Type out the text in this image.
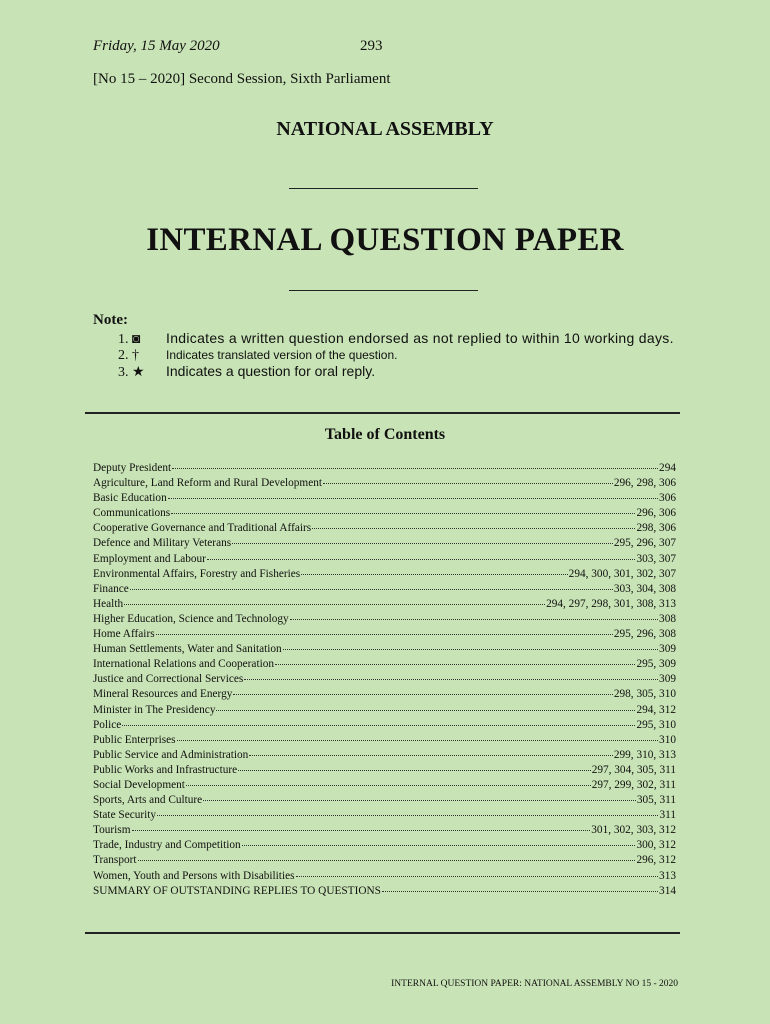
Friday, 15 May 2020	293
[No 15 – 2020] Second Session, Sixth Parliament
NATIONAL ASSEMBLY
INTERNAL QUESTION PAPER
Note:
1. ◙ Indicates a written question endorsed as not replied to within 10 working days.
2. † Indicates translated version of the question.
3. ★ Indicates a question for oral reply.
Table of Contents
Deputy President	294
Agriculture, Land Reform and Rural Development	296, 298, 306
Basic Education	306
Communications	296, 306
Cooperative Governance and Traditional Affairs	298, 306
Defence and Military Veterans	295, 296, 307
Employment and Labour	303, 307
Environmental Affairs, Forestry and Fisheries	294, 300, 301, 302, 307
Finance	303, 304, 308
Health	294, 297, 298, 301, 308, 313
Higher Education, Science and Technology	308
Home Affairs	295, 296, 308
Human Settlements, Water and Sanitation	309
International Relations and Cooperation	295, 309
Justice and Correctional Services	309
Mineral Resources and Energy	298, 305, 310
Minister in The Presidency	294, 312
Police	295, 310
Public Enterprises	310
Public Service and Administration	299, 310, 313
Public Works and Infrastructure	297, 304, 305, 311
Social Development	297, 299, 302, 311
Sports, Arts and Culture	305, 311
State Security	311
Tourism	301, 302, 303, 312
Trade, Industry and Competition	300, 312
Transport	296, 312
Women, Youth and Persons with Disabilities	313
SUMMARY OF OUTSTANDING REPLIES TO QUESTIONS	314
INTERNAL QUESTION PAPER: NATIONAL ASSEMBLY NO 15 - 2020
